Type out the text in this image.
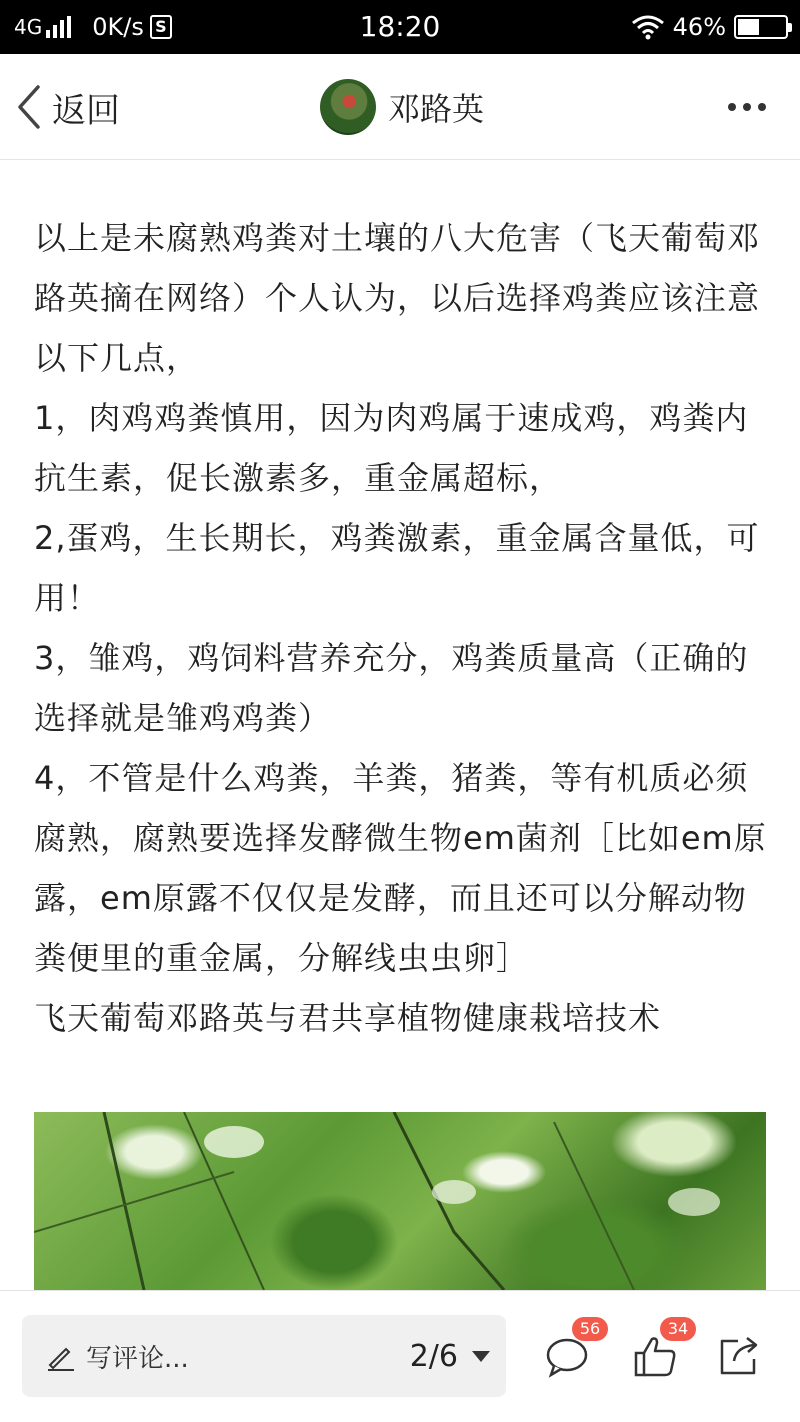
4G 0K/s S	18:20	46%
返回	邓路英

以上是未腐熟鸡粪对土壤的八大危害（飞天葡萄邓路英摘在网络）个人认为，以后选择鸡粪应该注意以下几点，

1，肉鸡鸡粪慎用，因为肉鸡属于速成鸡，鸡粪内抗生素，促长激素多，重金属超标，

2,蛋鸡，生长期长，鸡粪激素，重金属含量低，可用！

3，雏鸡，鸡饲料营养充分，鸡粪质量高（正确的选择就是雏鸡鸡粪）

4，不管是什么鸡粪，羊粪，猪粪，等有机质必须腐熟，腐熟要选择发酵微生物em菌剂［比如em原露，em原露不仅仅是发酵，而且还可以分解动物粪便里的重金属，分解线虫虫卵］

飞天葡萄邓路英与君共享植物健康栽培技术

写评论...	2/6
56	34
